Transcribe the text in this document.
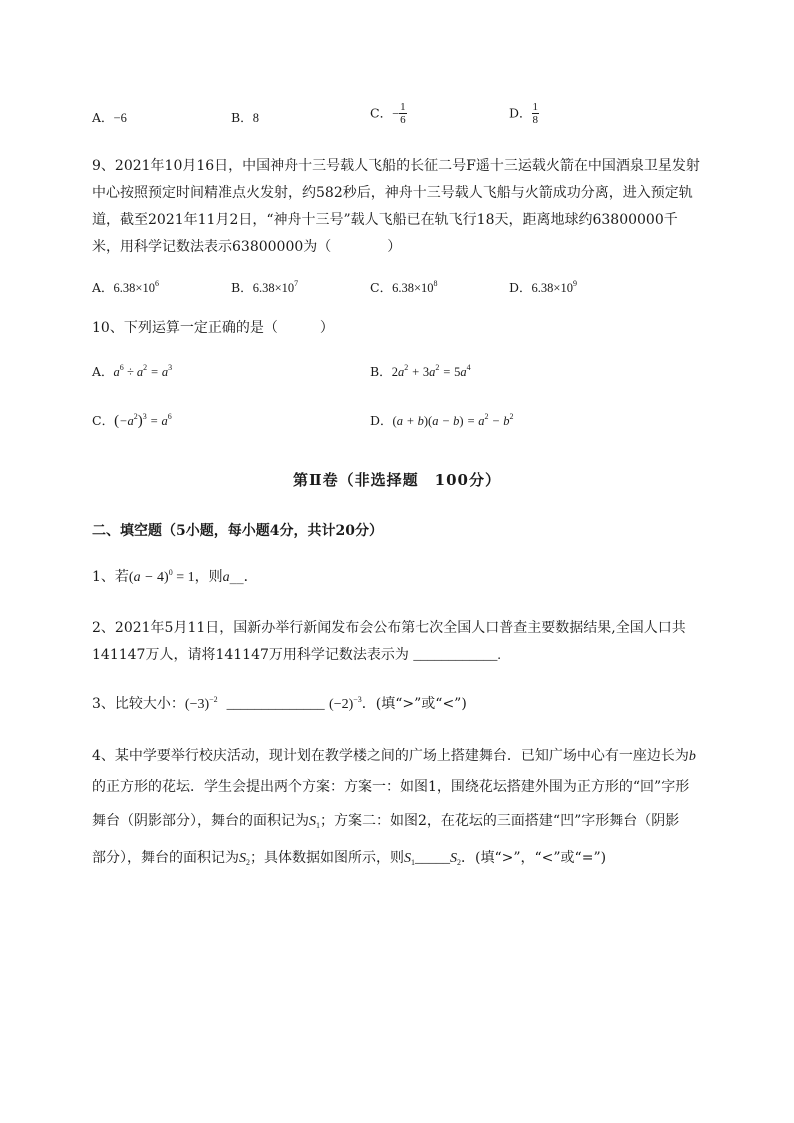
A．−6	B．8	C．− $\frac{1}{6}$	D． $\frac{1}{8}$
9、2021年10月16日，中国神舟十三号载人飞船的长征二号F遥十三运载火箭在中国酒泉卫星发射
中心按照预定时间精准点火发射，约582秒后，神舟十三号载人飞船与火箭成功分离，进入预定轨
道，截至2021年11月2日，“神舟十三号”载人飞船已在轨飞行18天，距离地球约63800000千
米，用科学记数法表示63800000为（　　　　）
A．$6.38\times 10^6$	B．$6.38\times 10^7$	C．$6.38\times 10^8$	D．$6.38\times 10^9$
10、下列运算一定正确的是（　　　）
A．$a^6 \div a^2 = a^3$	B．$2a^2 + 3a^2 = 5a^4$
C．$(-a^2)^3 = a^6$	D．$(a + b)(a - b) = a^2 - b^2$
第Ⅱ卷（非选择题　100分）
二、填空题（5小题，每小题4分，共计20分）
1、若$(a - 4)^0 = 1$，则a__．
2、2021年5月11日，国新办举行新闻发布会公布第七次全国人口普查主要数据结果,全国人口共
141147万人，请将141147万用科学记数法表示为 ____________.
3、比较大小：$(-3)^{-2}$ ______________ $(-2)^{-3}$．(填“>”或“<”)
4、某中学要举行校庆活动，现计划在教学楼之间的广场上搭建舞台．已知广场中心有一座边长为b
的正方形的花坛．学生会提出两个方案：方案一：如图1，围绕花坛搭建外围为正方形的“回”字形
舞台（阴影部分），舞台的面积记为$S_1$；方案二：如图2，在花坛的三面搭建“凹”字形舞台（阴影
部分），舞台的面积记为$S_2$；具体数据如图所示，则$S_1\_\_\_\_\_S_2$．(填“>”，“<”或“=”)
